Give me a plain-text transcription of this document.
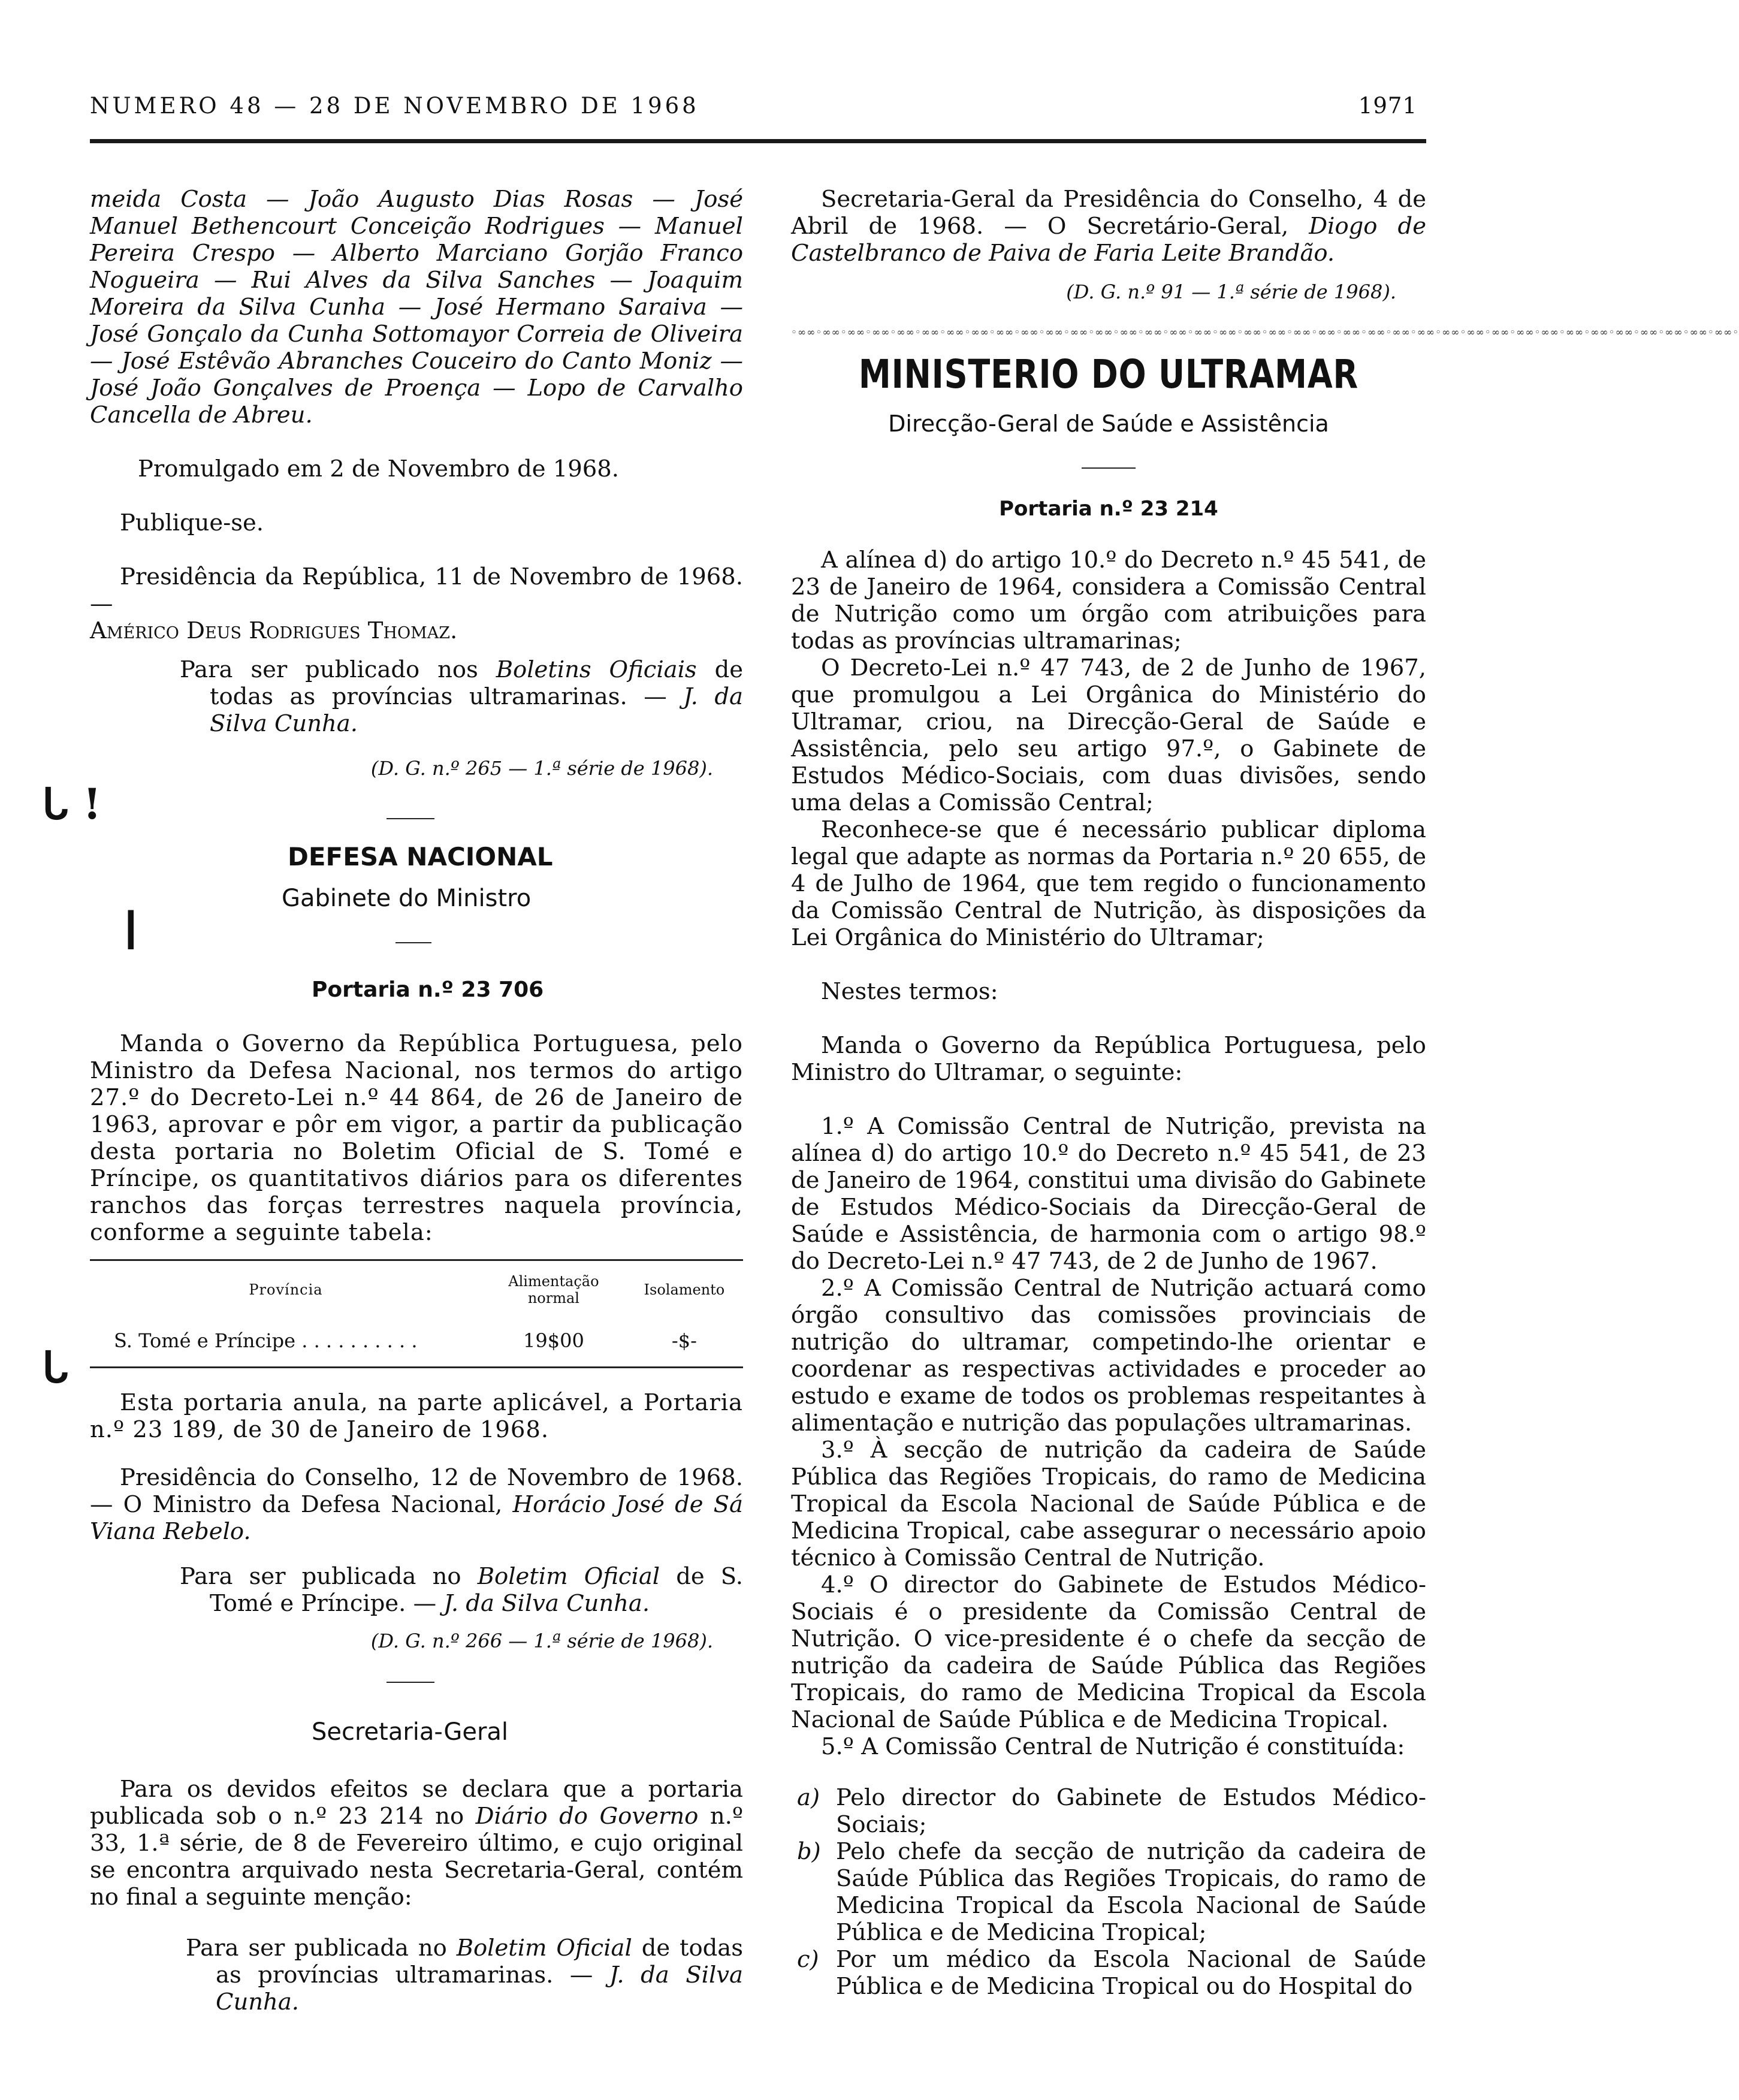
NUMERO 48 — 28 DE NOVEMBRO DE 1968	1971
ᒐ !
ǀ
ᒐ

meida Costa — João Augusto Dias Rosas — José Manuel Bethencourt Conceição Rodrigues — Manuel Pereira Crespo — Alberto Marciano Gorjão Franco Nogueira — Rui Alves da Silva Sanches — Joaquim Moreira da Silva Cunha — José Hermano Saraiva — José Gonçalo da Cunha Sottomayor Correia de Oliveira — José Estêvão Abranches Couceiro do Canto Moniz — José João Gonçalves de Proença — Lopo de Carvalho Cancella de Abreu.

Promulgado em 2 de Novembro de 1968.

Publique-se.

Presidência da República, 11 de Novembro de 1968. —

Américo Deus Rodrigues Thomaz.

Para ser publicado nos Boletins Oficiais de todas as províncias ultramarinas. — J. da Silva Cunha.

(D. G. n.º 265 — 1.ª série de 1968).

DEFESA NACIONAL

Gabinete do Ministro

Portaria n.º 23 706

Manda o Governo da República Portuguesa, pelo Ministro da Defesa Nacional, nos termos do artigo 27.º do Decreto-Lei n.º 44 864, de 26 de Janeiro de 1963, aprovar e pôr em vigor, a partir da publicação desta portaria no Boletim Oficial de S. Tomé e Príncipe, os quantitativos diários para os diferentes ranchos das forças terrestres naquela província, conforme a seguinte tabela:

Província	Alimentação normal	Isolamento
S. Tomé e Príncipe . . . . . . . . . .	19$00	-$-

Esta portaria anula, na parte aplicável, a Portaria n.º 23 189, de 30 de Janeiro de 1968.

Presidência do Conselho, 12 de Novembro de 1968. — O Ministro da Defesa Nacional, Horácio José de Sá Viana Rebelo.

Para ser publicada no Boletim Oficial de S. Tomé e Príncipe. — J. da Silva Cunha.

(D. G. n.º 266 — 1.ª série de 1968).

Secretaria-Geral

Para os devidos efeitos se declara que a portaria publicada sob o n.º 23 214 no Diário do Governo n.º 33, 1.ª série, de 8 de Fevereiro último, e cujo original se encontra arquivado nesta Secretaria-Geral, contém no final a seguinte menção:

Para ser publicada no Boletim Oficial de todas as províncias ultramarinas. — J. da Silva Cunha.

Secretaria-Geral da Presidência do Conselho, 4 de Abril de 1968. — O Secretário-Geral, Diogo de Castelbranco de Paiva de Faria Leite Brandão.

(D. G. n.º 91 — 1.ª série de 1968).

◦∞∞◦∞∞◦∞∞◦∞∞◦∞∞◦∞∞◦∞∞◦∞∞◦∞∞◦∞∞◦∞∞◦∞∞◦∞∞◦∞∞◦∞∞◦∞∞◦∞∞◦∞∞◦∞∞◦∞∞◦∞∞◦∞∞◦∞∞◦∞∞◦∞∞◦∞∞◦∞∞◦∞∞◦∞∞◦∞∞◦∞∞◦∞∞◦∞∞◦∞∞◦∞∞◦∞∞◦∞∞◦∞∞◦

MINISTERIO DO ULTRAMAR

Direcção-Geral de Saúde e Assistência

Portaria n.º 23 214

A alínea d) do artigo 10.º do Decreto n.º 45 541, de 23 de Janeiro de 1964, considera a Comissão Central de Nutrição como um órgão com atribuições para todas as províncias ultramarinas;

O Decreto-Lei n.º 47 743, de 2 de Junho de 1967, que promulgou a Lei Orgânica do Ministério do Ultramar, criou, na Direcção-Geral de Saúde e Assistência, pelo seu artigo 97.º, o Gabinete de Estudos Médico-Sociais, com duas divisões, sendo uma delas a Comissão Central;

Reconhece-se que é necessário publicar diploma legal que adapte as normas da Portaria n.º 20 655, de 4 de Julho de 1964, que tem regido o funcionamento da Comissão Central de Nutrição, às disposições da Lei Orgânica do Ministério do Ultramar;

Nestes termos:

Manda o Governo da República Portuguesa, pelo Ministro do Ultramar, o seguinte:

1.º A Comissão Central de Nutrição, prevista na alínea d) do artigo 10.º do Decreto n.º 45 541, de 23 de Janeiro de 1964, constitui uma divisão do Gabinete de Estudos Médico-Sociais da Direcção-Geral de Saúde e Assistência, de harmonia com o artigo 98.º do Decreto-Lei n.º 47 743, de 2 de Junho de 1967.

2.º A Comissão Central de Nutrição actuará como órgão consultivo das comissões provinciais de nutrição do ultramar, competindo-lhe orientar e coordenar as respectivas actividades e proceder ao estudo e exame de todos os problemas respeitantes à alimentação e nutrição das populações ultramarinas.

3.º À secção de nutrição da cadeira de Saúde Pública das Regiões Tropicais, do ramo de Medicina Tropical da Escola Nacional de Saúde Pública e de Medicina Tropical, cabe assegurar o necessário apoio técnico à Comissão Central de Nutrição.

4.º O director do Gabinete de Estudos Médico-Sociais é o presidente da Comissão Central de Nutrição. O vice-presidente é o chefe da secção de nutrição da cadeira de Saúde Pública das Regiões Tropicais, do ramo de Medicina Tropical da Escola Nacional de Saúde Pública e de Medicina Tropical.

5.º A Comissão Central de Nutrição é constituída:

a) Pelo director do Gabinete de Estudos Médico-Sociais;

b) Pelo chefe da secção de nutrição da cadeira de Saúde Pública das Regiões Tropicais, do ramo de Medicina Tropical da Escola Nacional de Saúde Pública e de Medicina Tropical;

c) Por um médico da Escola Nacional de Saúde Pública e de Medicina Tropical ou do Hospital do
